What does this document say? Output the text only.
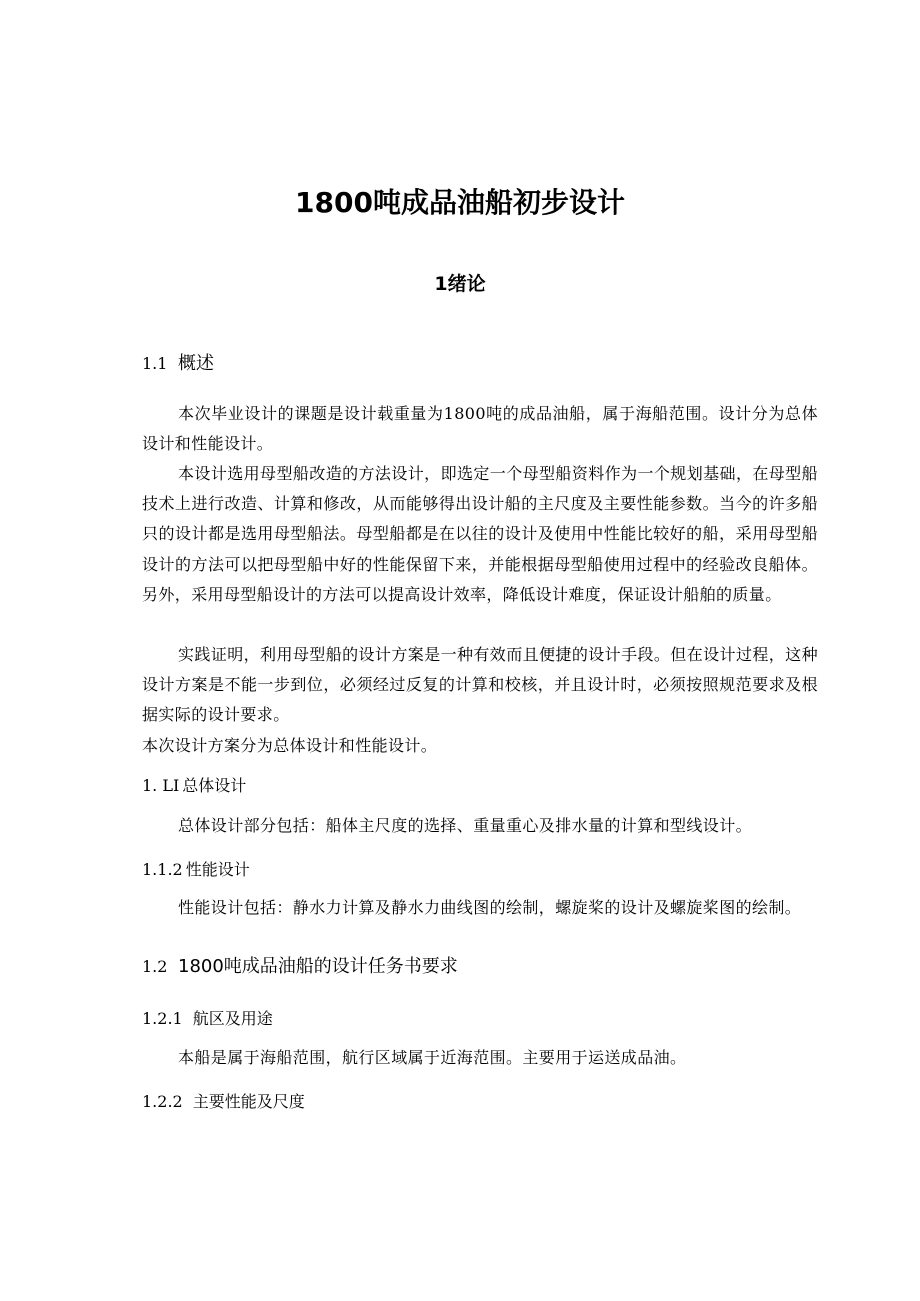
1800吨成品油船初步设计
1绪论
1.1 概述

本次毕业设计的课题是设计载重量为1800吨的成品油船，属于海船范围。设计分为总体设计和性能设计。

本设计选用母型船改造的方法设计，即选定一个母型船资料作为一个规划基础，在母型船技术上进行改造、计算和修改，从而能够得出设计船的主尺度及主要性能参数。当今的许多船只的设计都是选用母型船法。母型船都是在以往的设计及使用中性能比较好的船，采用母型船设计的方法可以把母型船中好的性能保留下来，并能根据母型船使用过程中的经验改良船体。另外，采用母型船设计的方法可以提高设计效率，降低设计难度，保证设计船舶的质量。

实践证明，利用母型船的设计方案是一种有效而且便捷的设计手段。但在设计过程，这种设计方案是不能一步到位，必须经过反复的计算和校核，并且设计时，必须按照规范要求及根据实际的设计要求。

本次设计方案分为总体设计和性能设计。

1. LI 总体设计

总体设计部分包括：船体主尺度的选择、重量重心及排水量的计算和型线设计。

1.1.2 性能设计

性能设计包括：静水力计算及静水力曲线图的绘制，螺旋桨的设计及螺旋桨图的绘制。

1.2 1800吨成品油船的设计任务书要求
1.2.1 航区及用途

本船是属于海船范围，航行区域属于近海范围。主要用于运送成品油。

1.2.2 主要性能及尺度
